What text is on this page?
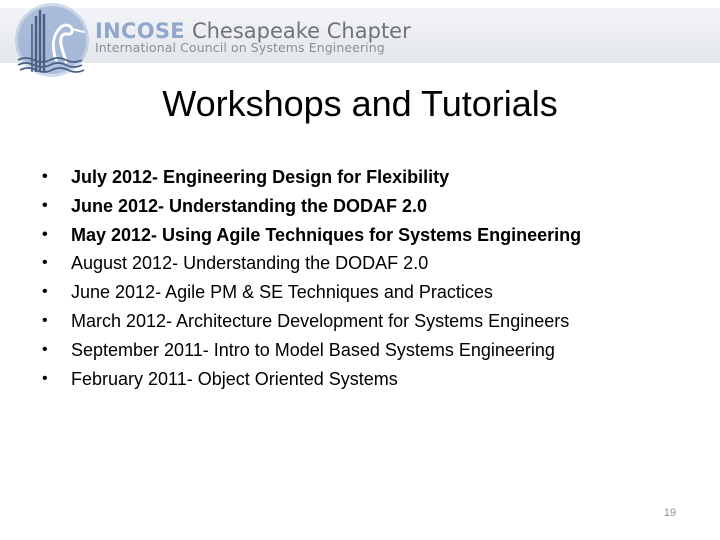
INCOSE Chesapeake Chapter
International Council on Systems Engineering
Workshops and Tutorials
• July 2012- Engineering Design for Flexibility
• June 2012- Understanding the DODAF 2.0
• May 2012- Using Agile Techniques for Systems Engineering
• August 2012- Understanding the DODAF 2.0
• June 2012- Agile PM & SE Techniques and Practices
• March 2012- Architecture Development for Systems Engineers
• September 2011- Intro to Model Based Systems Engineering
• February 2011- Object Oriented Systems
19
